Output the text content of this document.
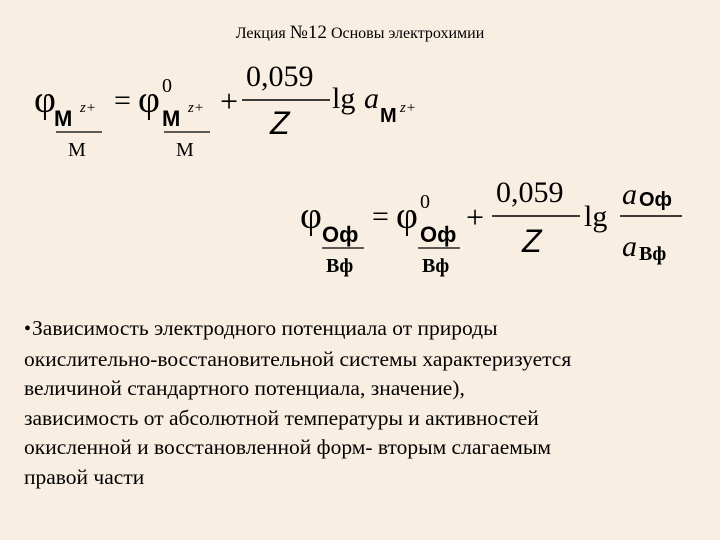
Лекция №12 Основы электрохимии
φ
M z+
M
= φ 0
M z+
M
+
0,059
Z
lg a
M z+
φ Оф
Вф
= φ 0
Оф
Вф
+
0,059
Z
lg
a Оф
a Вф

•Зависимость электродного потенциала от природы
окислительно-восстановительной системы характеризуется
величиной стандартного потенциала, значение),
зависимость от абсолютной температуры и активностей
окисленной и восстановленной форм- вторым слагаемым
правой части
